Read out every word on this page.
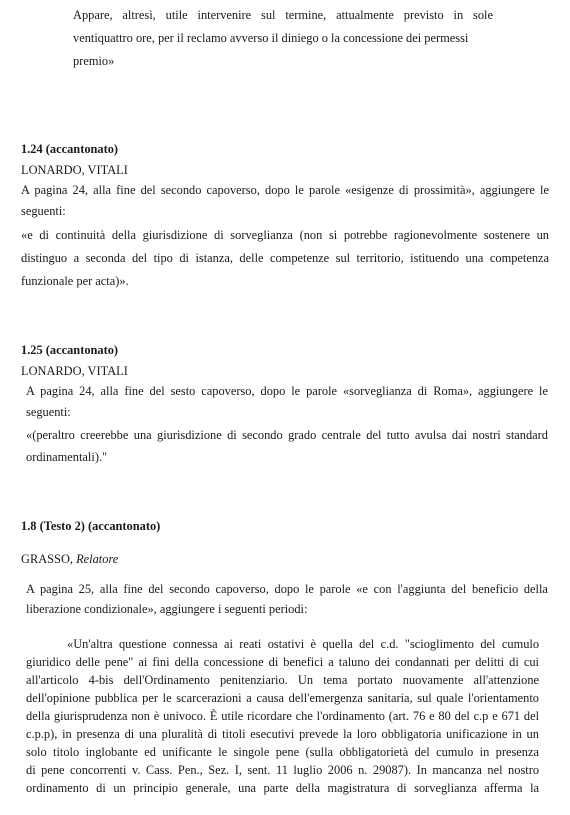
Appare, altresì, utile intervenire sul termine, attualmente previsto in sole
ventiquattro ore, per il reclamo avverso il diniego o la concessione dei permessi
premio»
1.24 (accantonato)
LONARDO, VITALI
A pagina 24, alla fine del secondo capoverso, dopo le parole «esigenze di prossimità», aggiungere le
seguenti:
«e di continuità della giurisdizione di sorveglianza (non si potrebbe ragionevolmente sostenere un
distinguo a seconda del tipo di istanza, delle competenze sul territorio, istituendo una competenza
funzionale per acta)».
1.25 (accantonato)
LONARDO, VITALI
A pagina 24, alla fine del sesto capoverso, dopo le parole «sorveglianza di Roma», aggiungere le
seguenti:
«(peraltro creerebbe una giurisdizione di secondo grado centrale del tutto avulsa dai nostri standard
ordinamentali)."
1.8 (Testo 2) (accantonato)
GRASSO, Relatore
A pagina 25, alla fine del secondo capoverso, dopo le parole «e con l'aggiunta del beneficio della
liberazione condizionale», aggiungere i seguenti periodi:
«Un'altra questione connessa ai reati ostativi è quella del c.d. "scioglimento del cumulo
giuridico delle pene" ai fini della concessione di benefici a taluno dei condannati per delitti di cui
all'articolo 4-bis dell'Ordinamento penitenziario. Un tema portato nuovamente all'attenzione
dell'opinione pubblica per le scarcerazioni a causa dell'emergenza sanitaria, sul quale l'orientamento
della giurisprudenza non è univoco. È utile ricordare che l'ordinamento (art. 76 e 80 del c.p e 671 del
c.p.p), in presenza di una pluralità di titoli esecutivi prevede la loro obbligatoria unificazione in un
solo titolo inglobante ed unificante le singole pene (sulla obbligatorietà del cumulo in presenza
di pene concorrenti v. Cass. Pen., Sez. I, sent. 11 luglio 2006 n. 29087). In mancanza nel nostro
ordinamento di un principio generale, una parte della magistratura di sorveglianza afferma la
